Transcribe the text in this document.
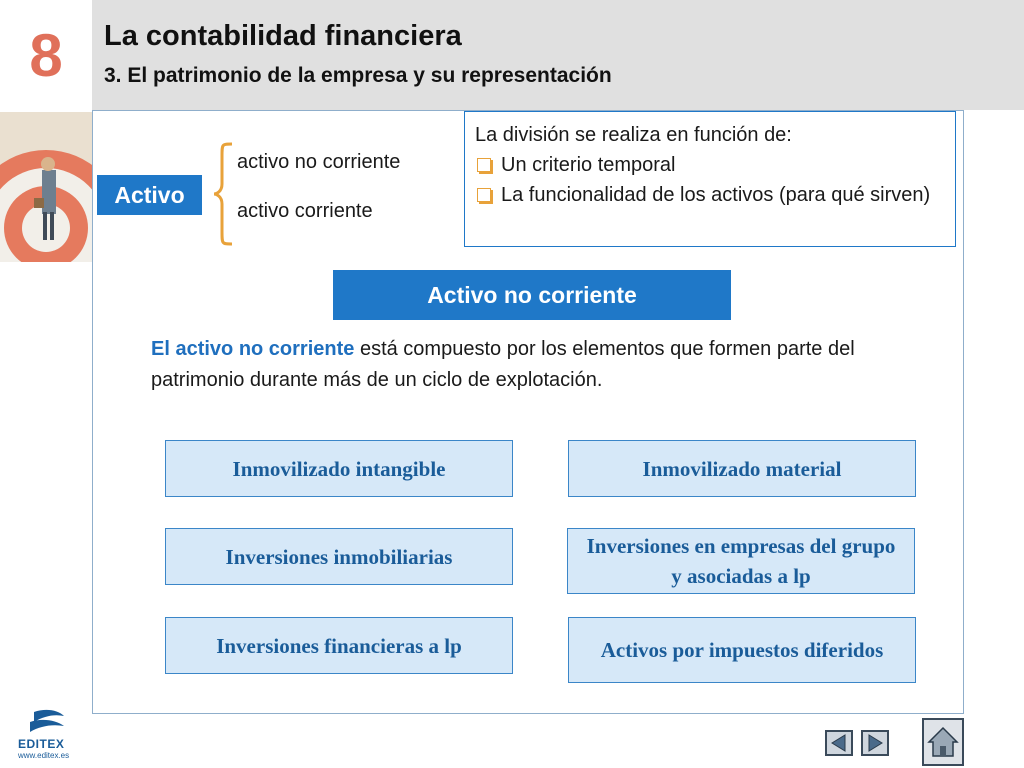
8	La contabilidad financiera
3. El patrimonio de la empresa y su representación
Activo
activo no corriente
activo corriente
La división se realiza en función de:
Un criterio temporal
La funcionalidad de los activos (para qué sirven)
Activo no corriente
El activo no corriente está compuesto por los elementos que formen parte del patrimonio durante más de un ciclo de explotación.
Inmovilizado intangible	Inmovilizado material
Inversiones inmobiliarias	Inversiones en empresas del grupo y asociadas a lp
Inversiones financieras a lp	Activos por impuestos diferidos
EDITEX
www.editex.es
